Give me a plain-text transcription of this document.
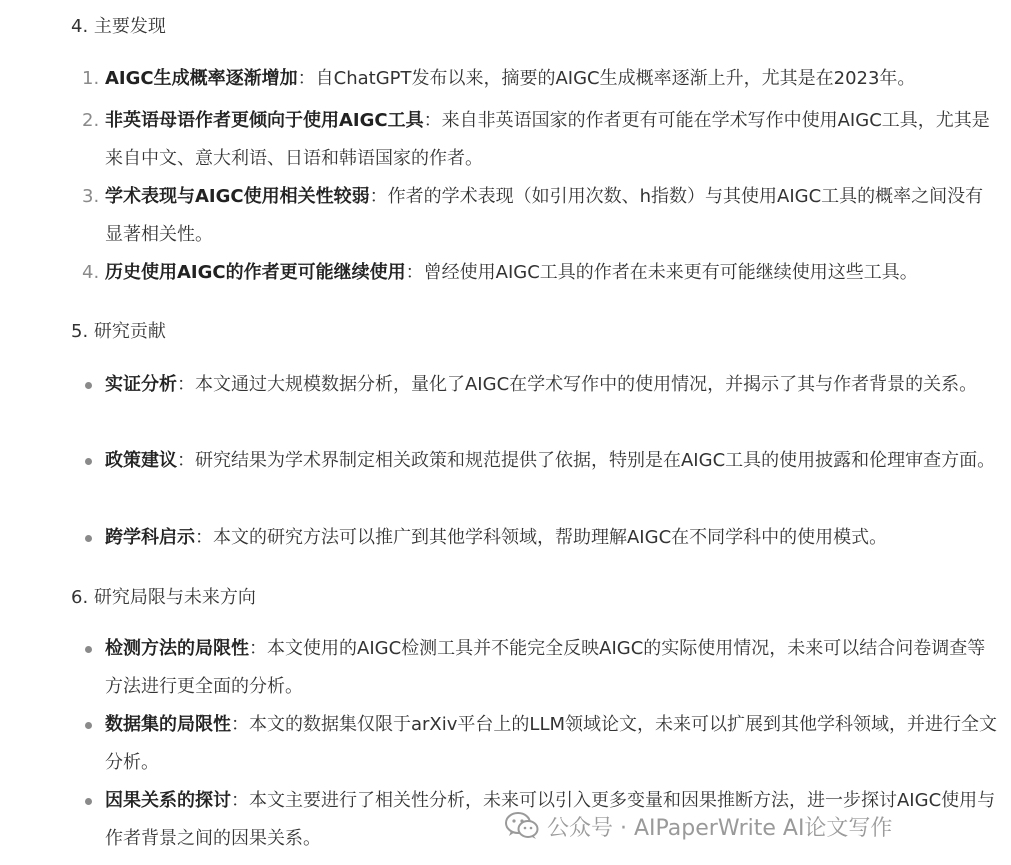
4. 主要发现
1. AIGC生成概率逐渐增加：自ChatGPT发布以来，摘要的AIGC生成概率逐渐上升，尤其是在2023年。
2. 非英语母语作者更倾向于使用AIGC工具：来自非英语国家的作者更有可能在学术写作中使用AIGC工具，尤其是来自中文、意大利语、日语和韩语国家的作者。
3. 学术表现与AIGC使用相关性较弱：作者的学术表现（如引用次数、h指数）与其使用AIGC工具的概率之间没有显著相关性。
4. 历史使用AIGC的作者更可能继续使用：曾经使用AIGC工具的作者在未来更有可能继续使用这些工具。
5. 研究贡献
实证分析：本文通过大规模数据分析，量化了AIGC在学术写作中的使用情况，并揭示了其与作者背景的关系。
政策建议：研究结果为学术界制定相关政策和规范提供了依据，特别是在AIGC工具的使用披露和伦理审查方面。
跨学科启示：本文的研究方法可以推广到其他学科领域，帮助理解AIGC在不同学科中的使用模式。
6. 研究局限与未来方向
检测方法的局限性：本文使用的AIGC检测工具并不能完全反映AIGC的实际使用情况，未来可以结合问卷调查等方法进行更全面的分析。
数据集的局限性：本文的数据集仅限于arXiv平台上的LLM领域论文，未来可以扩展到其他学科领域，并进行全文分析。
因果关系的探讨：本文主要进行了相关性分析，未来可以引入更多变量和因果推断方法，进一步探讨AIGC使用与作者背景之间的因果关系。	公众号 · AIPaperWrite AI论文写作
